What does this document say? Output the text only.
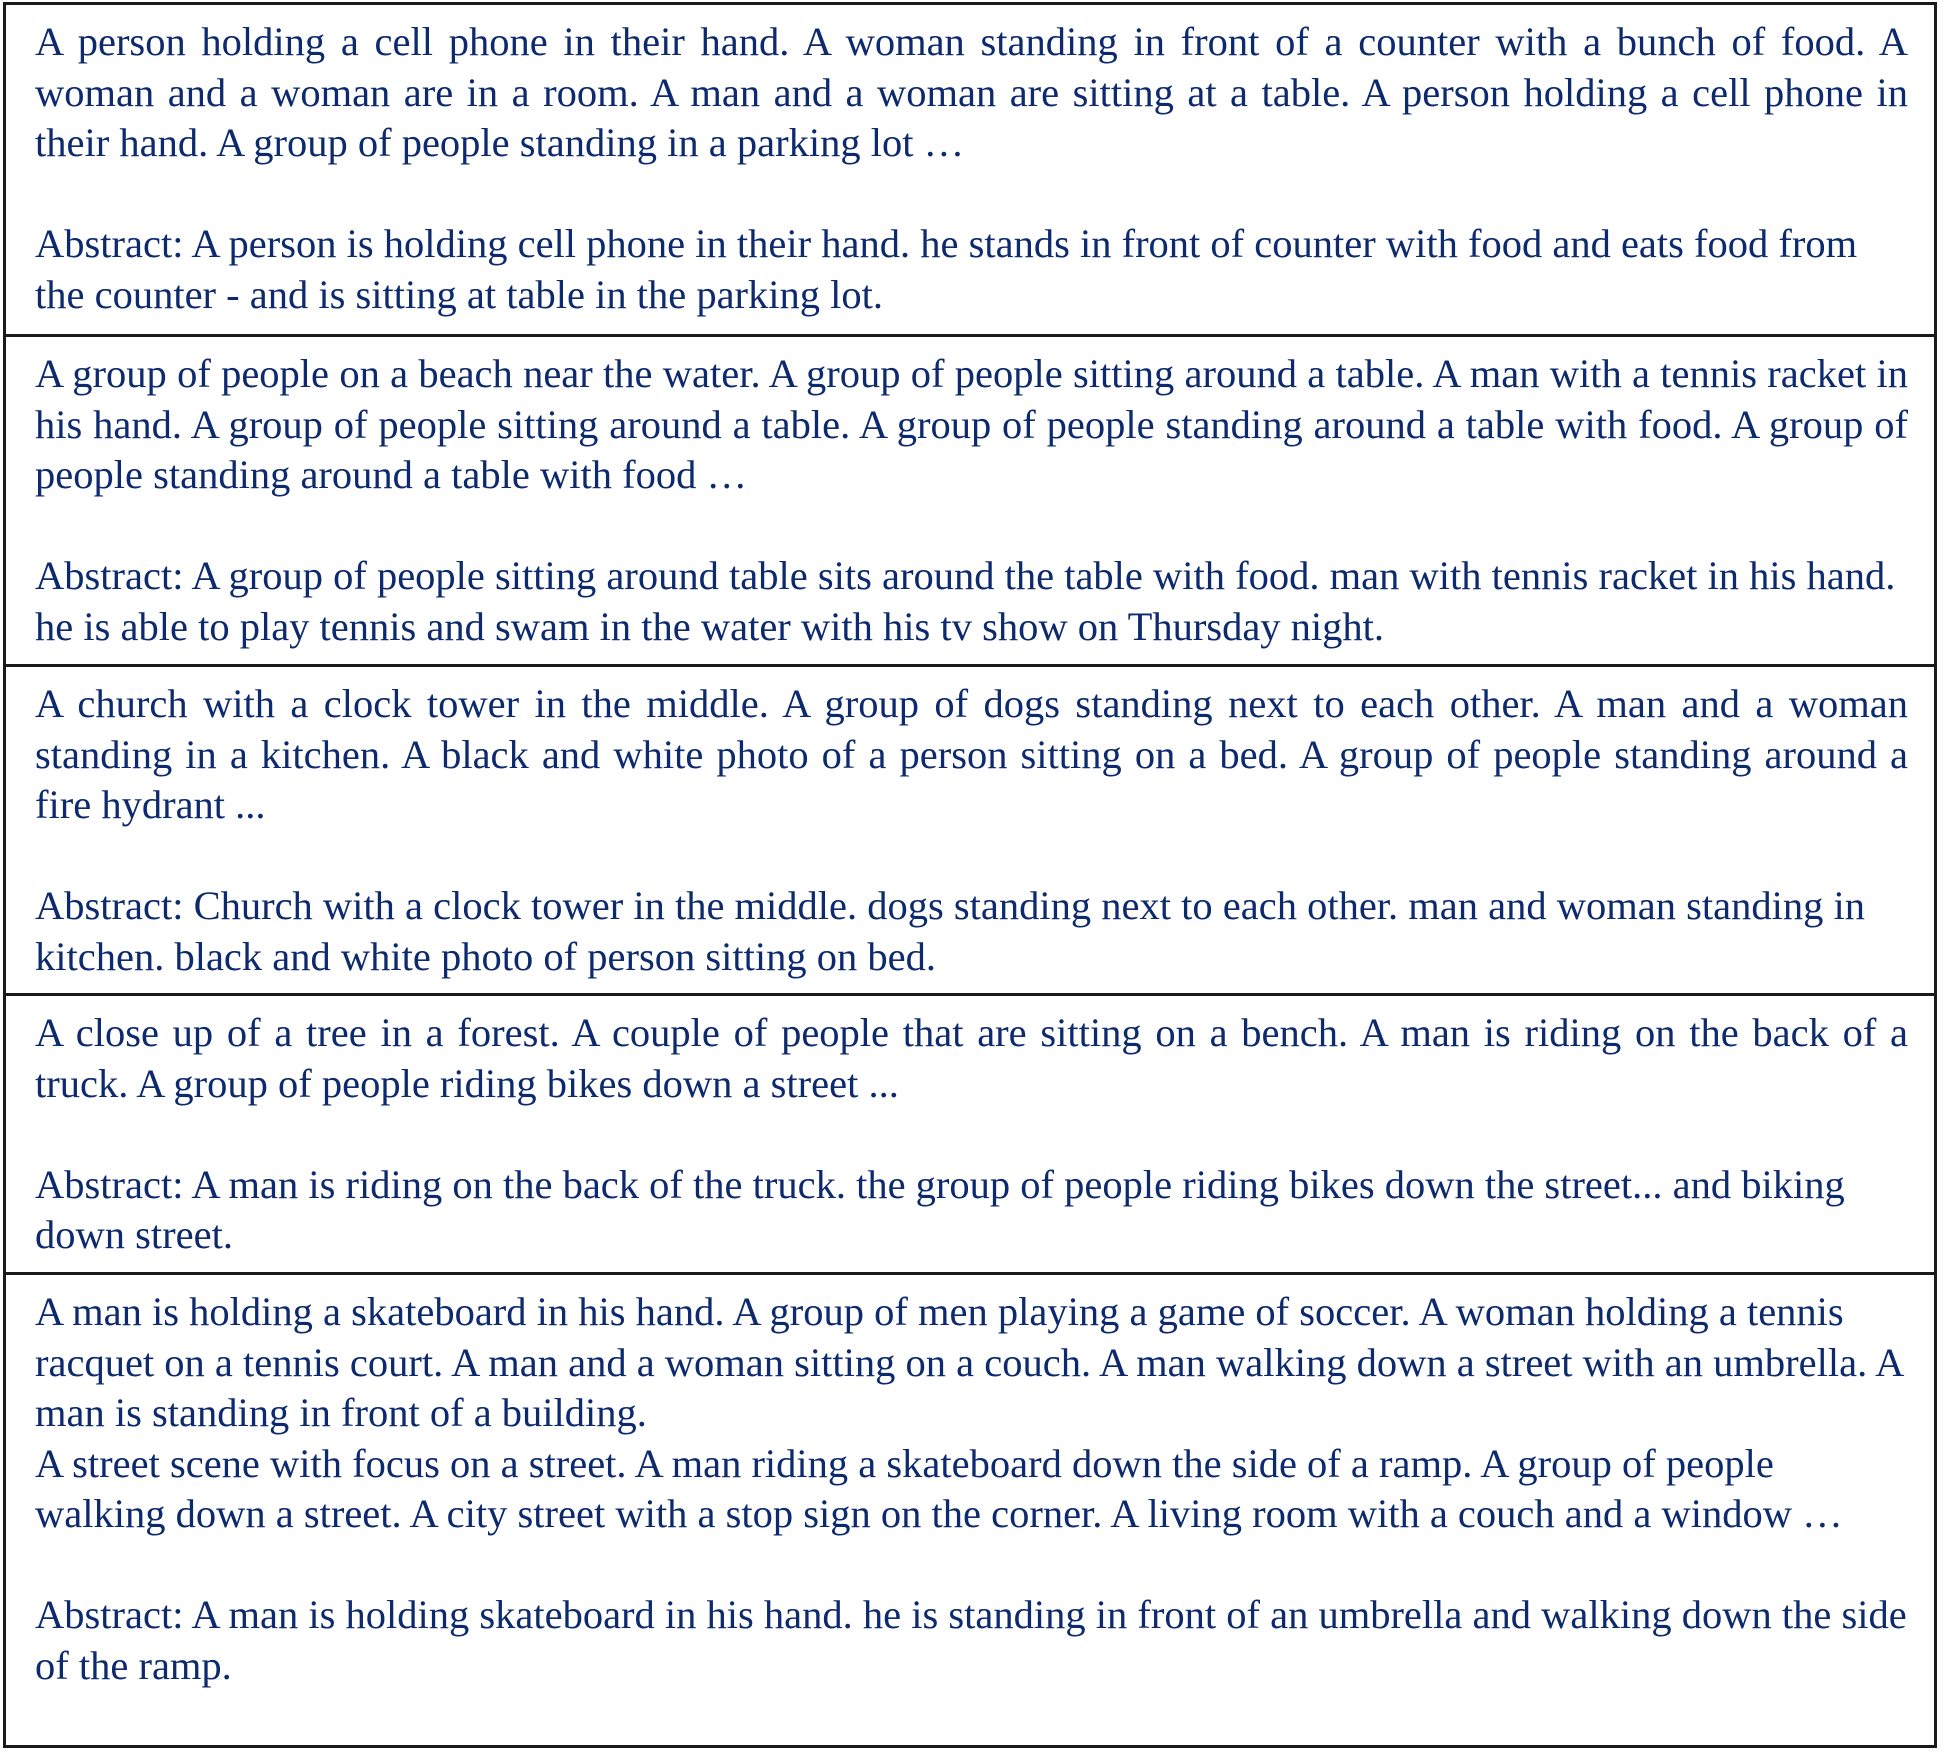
A person holding a cell phone in their hand. A woman standing in front of a counter with a bunch of food. A woman and a woman are in a room. A man and a woman are sitting at a table. A person holding a cell phone in their hand. A group of people standing in a parking lot …

Abstract: A person is holding cell phone in their hand. he stands in front of counter with food and eats food from the counter - and is sitting at table in the parking lot.

A group of people on a beach near the water. A group of people sitting around a table. A man with a tennis racket in his hand. A group of people sitting around a table. A group of people standing around a table with food. A group of people standing around a table with food …

Abstract: A group of people sitting around table sits around the table with food. man with tennis racket in his hand. he is able to play tennis and swam in the water with his tv show on Thursday night.

A church with a clock tower in the middle. A group of dogs standing next to each other. A man and a woman standing in a kitchen. A black and white photo of a person sitting on a bed. A group of people standing around a fire hydrant ...

Abstract: Church with a clock tower in the middle. dogs standing next to each other. man and woman standing in kitchen. black and white photo of person sitting on bed.

A close up of a tree in a forest. A couple of people that are sitting on a bench. A man is riding on the back of a truck. A group of people riding bikes down a street ...

Abstract: A man is riding on the back of the truck. the group of people riding bikes down the street... and biking down street.

A man is holding a skateboard in his hand. A group of men playing a game of soccer. A woman holding a tennis racquet on a tennis court. A man and a woman sitting on a couch. A man walking down a street with an umbrella. A man is standing in front of a building.

A street scene with focus on a street. A man riding a skateboard down the side of a ramp. A group of people walking down a street. A city street with a stop sign on the corner. A living room with a couch and a window …

Abstract: A man is holding skateboard in his hand. he is standing in front of an umbrella and walking down the side of the ramp.
